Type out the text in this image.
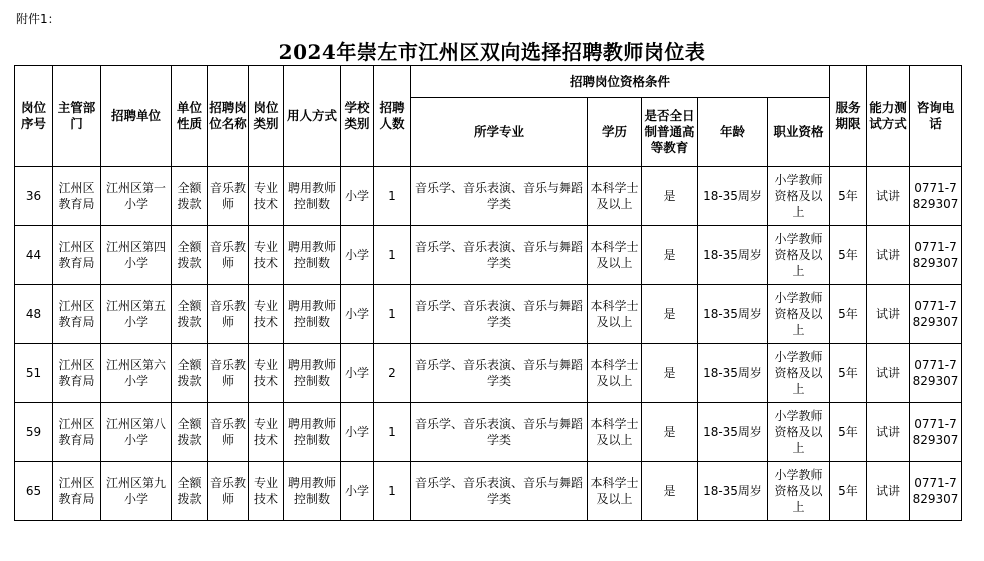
附件1：
2024年崇左市江州区双向选择招聘教师岗位表
岗位序号	主管部门	招聘单位	单位性质	招聘岗位名称	岗位类别	用人方式	学校类别	招聘人数	招聘岗位资格条件					服务期限	能力测试方式	咨询电话
									所学专业	学历	是否全日制普通高等教育	年龄	职业资格			
36	江州区教育局	江州区第一小学	全额拨款	音乐教师	专业技术	聘用教师控制数	小学	1	音乐学、音乐表演、音乐与舞蹈学类	本科学士及以上	是	18-35周岁	小学教师资格及以上	5年	试讲	0771-7829307
44	江州区教育局	江州区第四小学	全额拨款	音乐教师	专业技术	聘用教师控制数	小学	1	音乐学、音乐表演、音乐与舞蹈学类	本科学士及以上	是	18-35周岁	小学教师资格及以上	5年	试讲	0771-7829307
48	江州区教育局	江州区第五小学	全额拨款	音乐教师	专业技术	聘用教师控制数	小学	1	音乐学、音乐表演、音乐与舞蹈学类	本科学士及以上	是	18-35周岁	小学教师资格及以上	5年	试讲	0771-7829307
51	江州区教育局	江州区第六小学	全额拨款	音乐教师	专业技术	聘用教师控制数	小学	2	音乐学、音乐表演、音乐与舞蹈学类	本科学士及以上	是	18-35周岁	小学教师资格及以上	5年	试讲	0771-7829307
59	江州区教育局	江州区第八小学	全额拨款	音乐教师	专业技术	聘用教师控制数	小学	1	音乐学、音乐表演、音乐与舞蹈学类	本科学士及以上	是	18-35周岁	小学教师资格及以上	5年	试讲	0771-7829307
65	江州区教育局	江州区第九小学	全额拨款	音乐教师	专业技术	聘用教师控制数	小学	1	音乐学、音乐表演、音乐与舞蹈学类	本科学士及以上	是	18-35周岁	小学教师资格及以上	5年	试讲	0771-7829307
